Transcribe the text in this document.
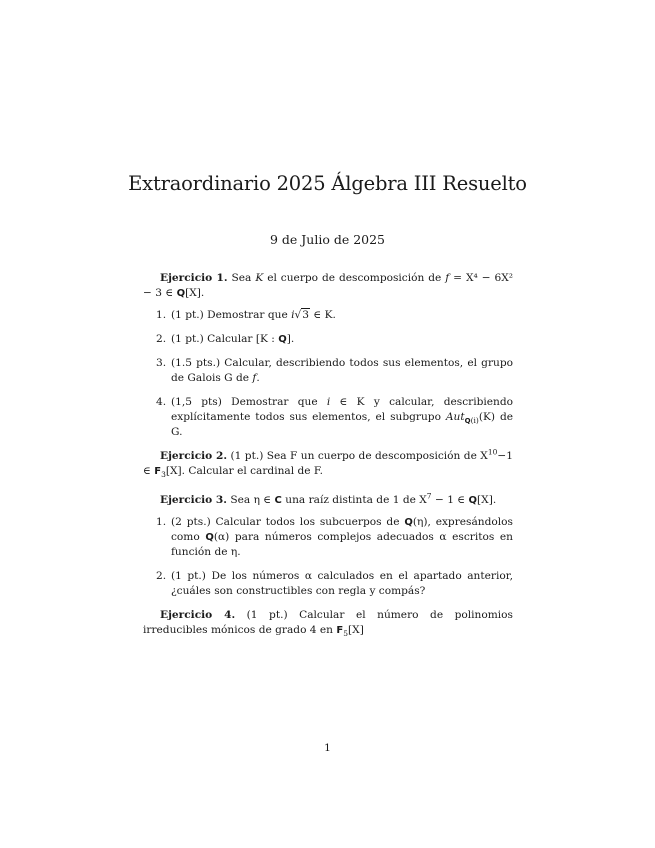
Extraordinario 2025 Álgebra III Resuelto
9 de Julio de 2025

Ejercicio 1. Sea K el cuerpo de descomposición de f = X⁴ − 6X² − 3 ∈ Q[X].

1. (1 pt.) Demostrar que i√3 ∈ K.
2. (1 pt.) Calcular [K : Q].
3. (1.5 pts.) Calcular, describiendo todos sus elementos, el grupo de Galois G de f.
4. (1,5 pts) Demostrar que i ∈ K y calcular, describiendo explícitamente todos sus elementos, el subgrupo Aut$_{Q(i)}$(K) de G.

Ejercicio 2. (1 pt.) Sea F un cuerpo de descomposición de $X^{10}-1$ ∈ $F_3[X]$. Calcular el cardinal de F.

Ejercicio 3. Sea η ∈ C una raíz distinta de 1 de $X^7 - 1$ ∈ Q[X].

1. (2 pts.) Calcular todos los subcuerpos de Q(η), expresándolos como Q(α) para números complejos adecuados α escritos en función de η.
2. (1 pt.) De los números α calculados en el apartado anterior, ¿cuáles son constructibles con regla y compás?

Ejercicio 4. (1 pt.) Calcular el número de polinomios irreducibles mónicos de grado 4 en $F_5[X]$

1
